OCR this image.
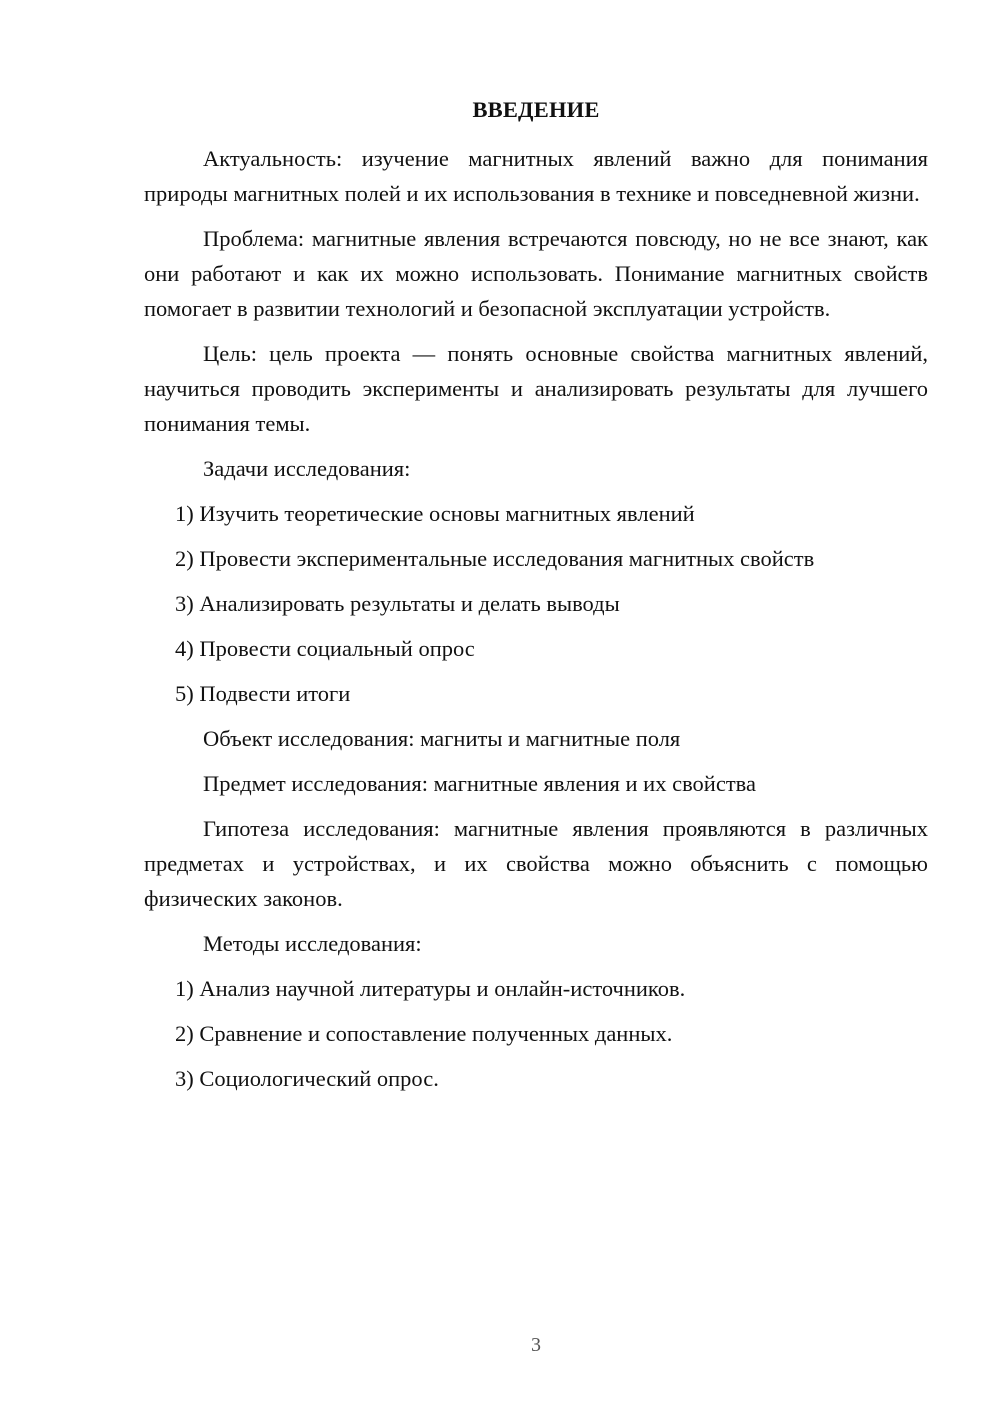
ВВЕДЕНИЕ

Актуальность: изучение магнитных явлений важно для понимания природы магнитных полей и их использования в технике и повседневной жизни.

Проблема: магнитные явления встречаются повсюду, но не все знают, как они работают и как их можно использовать. Понимание магнитных свойств помогает в развитии технологий и безопасной эксплуатации устройств.

Цель: цель проекта — понять основные свойства магнитных явлений, научиться проводить эксперименты и анализировать результаты для лучшего понимания темы.

Задачи исследования:

1) Изучить теоретические основы магнитных явлений

2) Провести экспериментальные исследования магнитных свойств

3) Анализировать результаты и делать выводы

4) Провести социальный опрос

5) Подвести итоги

Объект исследования: магниты и магнитные поля

Предмет исследования: магнитные явления и их свойства

Гипотеза исследования: магнитные явления проявляются в различных предметах и устройствах, и их свойства можно объяснить с помощью физических законов.

Методы исследования:

1) Анализ научной литературы и онлайн-источников.

2) Сравнение и сопоставление полученных данных.

3) Социологический опрос.

3
